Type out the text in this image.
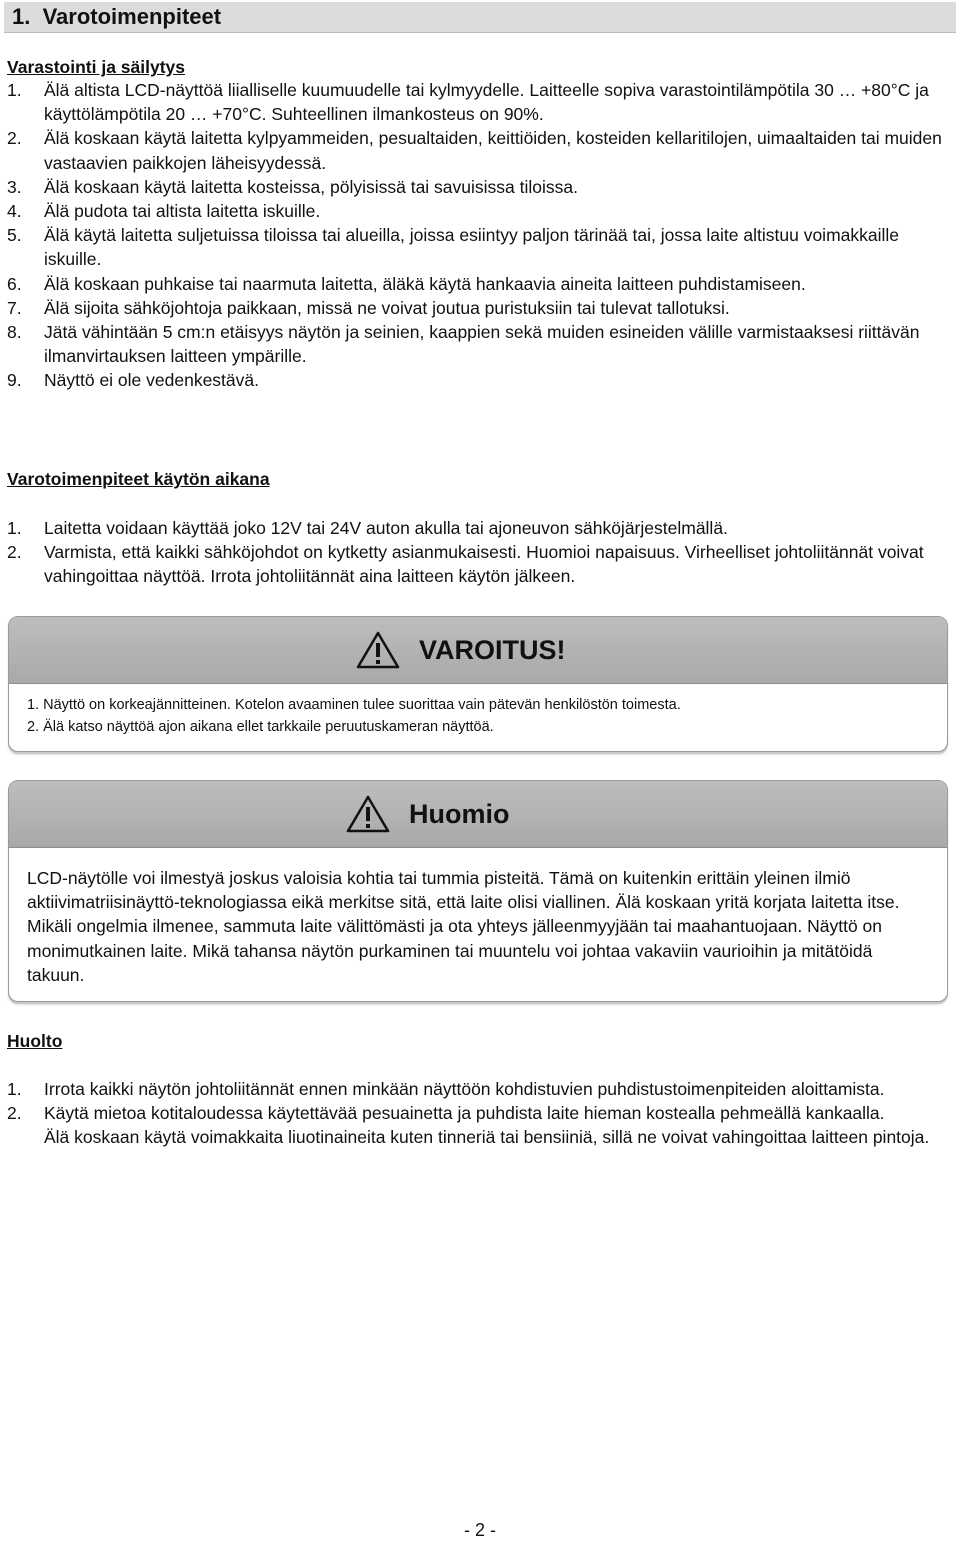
1. Varotoimenpiteet
Varastointi ja säilytys
1.	Älä altista LCD-näyttöä liialliselle kuumuudelle tai kylmyydelle. Laitteelle sopiva varastointilämpötila 30 … +80°C ja käyttölämpötila 20 … +70°C. Suhteellinen ilmankosteus on 90%.
2.	Älä koskaan käytä laitetta kylpyammeiden, pesualtaiden, keittiöiden, kosteiden kellaritilojen, uimaaltaiden tai muiden vastaavien paikkojen läheisyydessä.
3.	Älä koskaan käytä laitetta kosteissa, pölyisissä tai savuisissa tiloissa.
4.	Älä pudota tai altista laitetta iskuille.
5.	Älä käytä laitetta suljetuissa tiloissa tai alueilla, joissa esiintyy paljon tärinää tai, jossa laite altistuu voimakkaille iskuille.
6.	Älä koskaan puhkaise tai naarmuta laitetta, äläkä käytä hankaavia aineita laitteen puhdistamiseen.
7.	Älä sijoita sähköjohtoja paikkaan, missä ne voivat joutua puristuksiin tai tulevat tallotuksi.
8.	Jätä vähintään 5 cm:n etäisyys näytön ja seinien, kaappien sekä muiden esineiden välille varmistaaksesi riittävän ilmanvirtauksen laitteen ympärille.
9.	Näyttö ei ole vedenkestävä.
Varotoimenpiteet käytön aikana
1.	Laitetta voidaan käyttää joko 12V tai 24V auton akulla tai ajoneuvon sähköjärjestelmällä.
2.	Varmista, että kaikki sähköjohdot on kytketty asianmukaisesti. Huomioi napaisuus. Virheelliset johtoliitännät voivat vahingoittaa näyttöä. Irrota johtoliitännät aina laitteen käytön jälkeen.
VAROITUS!
1. Näyttö on korkeajännitteinen. Kotelon avaaminen tulee suorittaa vain pätevän henkilöstön toimesta.
2. Älä katso näyttöä ajon aikana ellet tarkkaile peruutuskameran näyttöä.
Huomio
LCD-näytölle voi ilmestyä joskus valoisia kohtia tai tummia pisteitä. Tämä on kuitenkin erittäin yleinen ilmiö aktiivimatriisinäyttö-teknologiassa eikä merkitse sitä, että laite olisi viallinen. Älä koskaan yritä korjata laitetta itse. Mikäli ongelmia ilmenee, sammuta laite välittömästi ja ota yhteys jälleenmyyjään tai maahantuojaan. Näyttö on monimutkainen laite. Mikä tahansa näytön purkaminen tai muuntelu voi johtaa vakaviin vaurioihin ja mitätöidä takuun.
Huolto
1.	Irrota kaikki näytön johtoliitännät ennen minkään näyttöön kohdistuvien puhdistustoimenpiteiden aloittamista.
2.	Käytä mietoa kotitaloudessa käytettävää pesuainetta ja puhdista laite hieman kostealla pehmeällä kankaalla.
Älä koskaan käytä voimakkaita liuotinaineita kuten tinneriä tai bensiiniä, sillä ne voivat vahingoittaa laitteen pintoja.
- 2 -
